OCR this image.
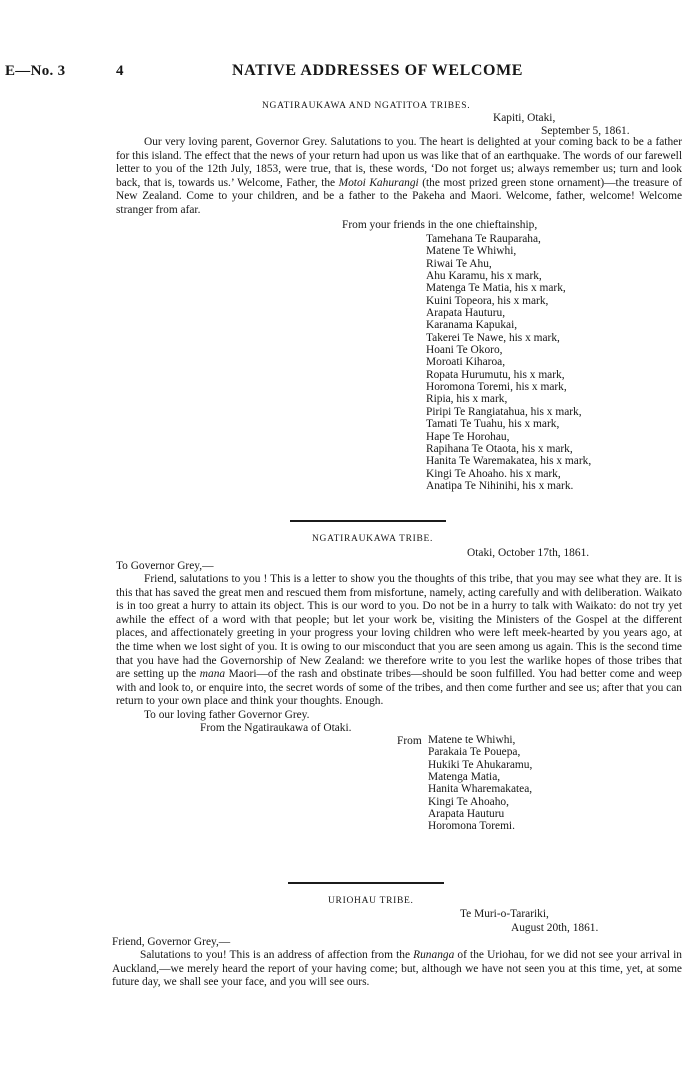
E—No. 3	4	NATIVE ADDRESSES OF WELCOME
NGATIRAUKAWA AND NGATITOA TRIBES.
Kapiti, Otaki,
September 5, 1861.

Our very loving parent, Governor Grey. Salutations to you. The heart is delighted at your coming back to be a father for this island. The effect that the news of your return had upon us was like that of an earthquake. The words of our farewell letter to you of the 12th July, 1853, were true, that is, these words, ‘Do not forget us; always remember us; turn and look back, that is, towards us.’ Welcome, Father, the Motoi Kahurangi (the most prized green stone ornament)—the treasure of New Zealand. Come to your children, and be a father to the Pakeha and Maori. Welcome, father, welcome! Welcome stranger from afar.

From your friends in the one chieftainship,
Tamehana Te Rauparaha,
Matene Te Whiwhi,
Riwai Te Ahu,
Ahu Karamu, his x mark,
Matenga Te Matia, his x mark,
Kuini Topeora, his x mark,
Arapata Hauturu,
Karanama Kapukai,
Takerei Te Nawe, his x mark,
Hoani Te Okoro,
Moroati Kiharoa,
Ropata Hurumutu, his x mark,
Horomona Toremi, his x mark,
Ripia, his x mark,
Piripi Te Rangiatahua, his x mark,
Tamati Te Tuahu, his x mark,
Hape Te Horohau,
Rapihana Te Otaota, his x mark,
Hanita Te Waremakatea, his x mark,
Kingi Te Ahoaho. his x mark,
Anatipa Te Nihinihi, his x mark.
NGATIRAUKAWA TRIBE.
Otaki, October 17th, 1861.
To Governor Grey,—

Friend, salutations to you ! This is a letter to show you the thoughts of this tribe, that you may see what they are. It is this that has saved the great men and rescued them from misfortune, namely, acting carefully and with deliberation. Waikato is in too great a hurry to attain its object. This is our word to you. Do not be in a hurry to talk with Waikato: do not try yet awhile the effect of a word with that people; but let your work be, visiting the Ministers of the Gospel at the different places, and affectionately greeting in your progress your loving children who were left meek-hearted by you years ago, at the time when we lost sight of you. It is owing to our misconduct that you are seen among us again. This is the second time that you have had the Governorship of New Zealand: we therefore write to you lest the warlike hopes of those tribes that are setting up the mana Maori—of the rash and obstinate tribes—should be soon fulfilled. You had better come and weep with and look to, or enquire into, the secret words of some of the tribes, and then come further and see us; after that you can return to your own place and think your thoughts. Enough.

To our loving father Governor Grey.
From the Ngatiraukawa of Otaki.
From Matene te Whiwhi,
Parakaia Te Pouepa,
Hukiki Te Ahukaramu,
Matenga Matia,
Hanita Wharemakatea,
Kingi Te Ahoaho,
Arapata Hauturu
Horomona Toremi.
URIOHAU TRIBE.
Te Muri-o-Tarariki,
August 20th, 1861.
Friend, Governor Grey,—

Salutations to you! This is an address of affection from the Runanga of the Uriohau, for we did not see your arrival in Auckland,—we merely heard the report of your having come; but, although we have not seen you at this time, yet, at some future day, we shall see your face, and you will see ours.
